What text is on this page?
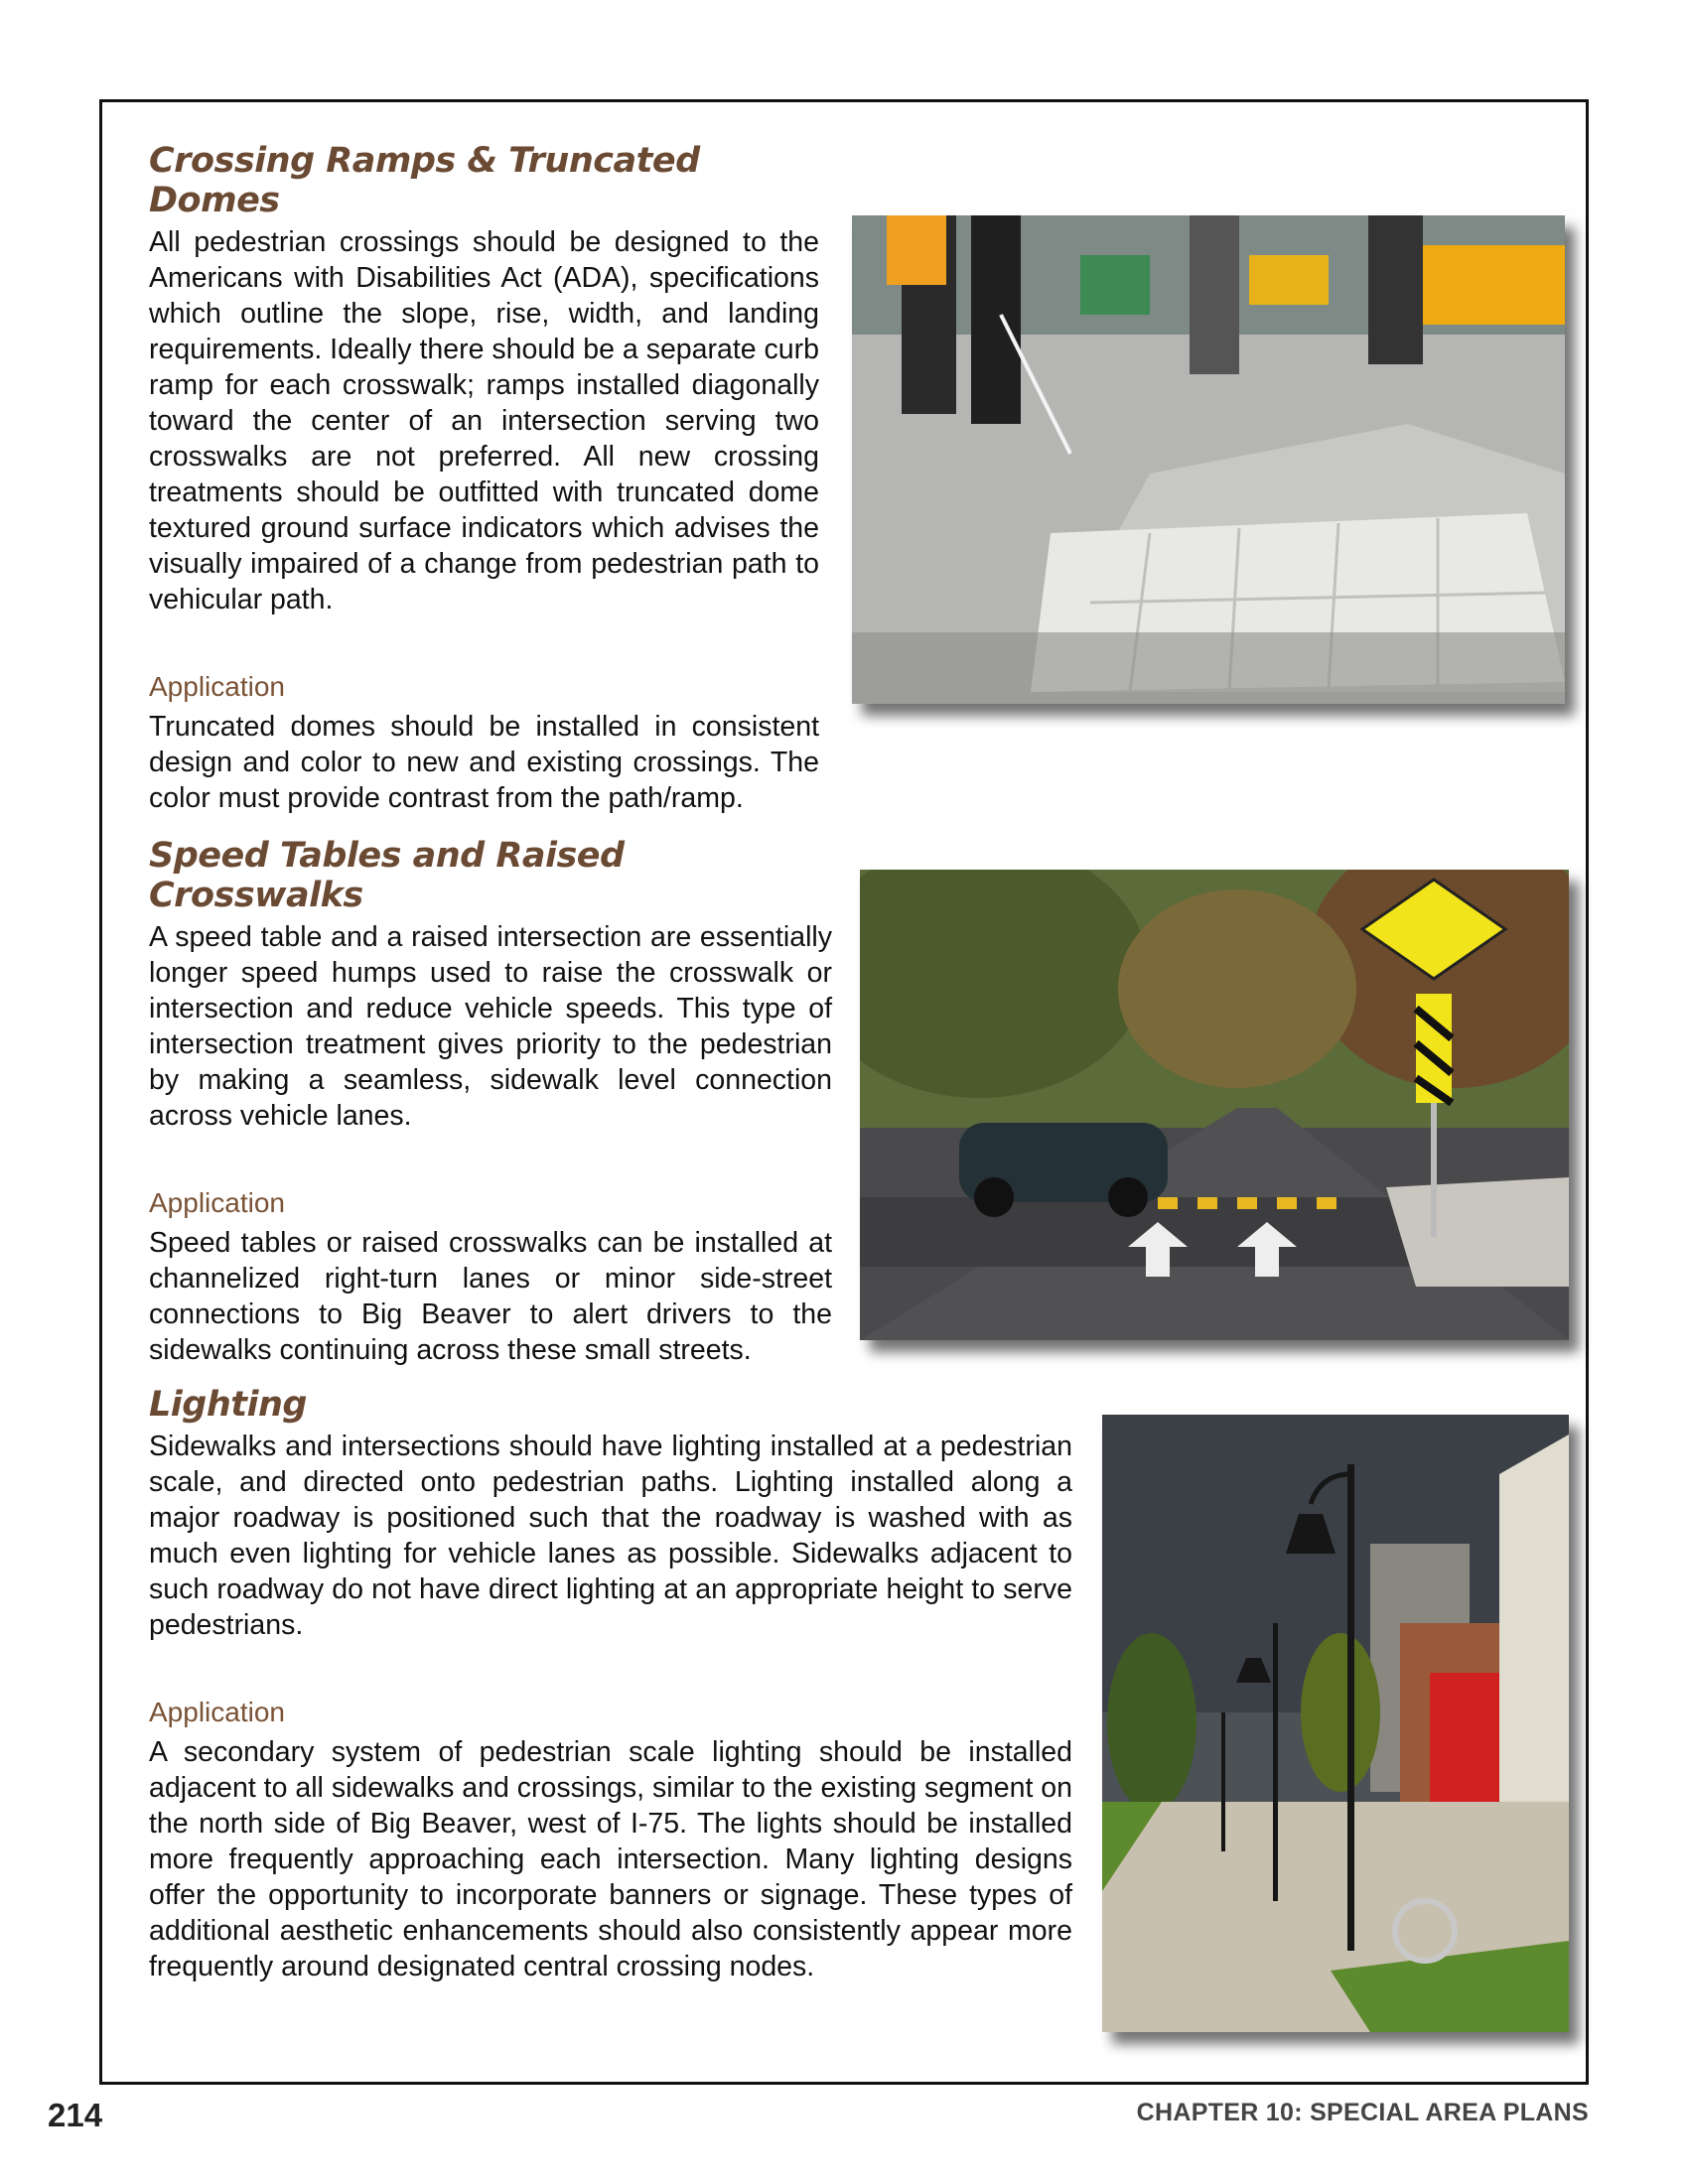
Crossing Ramps & Truncated Domes

All pedestrian crossings should be designed to the Americans with Disabilities Act (ADA), specifications which outline the slope, rise, width, and landing requirements. Ideally there should be a separate curb ramp for each crosswalk; ramps installed diagonally toward the center of an intersection serving two crosswalks are not preferred. All new crossing treatments should be outfitted with truncated dome textured ground surface indicators which advises the visually impaired of a change from pedestrian path to vehicular path.

Application

Truncated domes should be installed in consistent design and color to new and existing crossings. The color must provide contrast from the path/ramp.

Speed Tables and Raised Crosswalks

A speed table and a raised intersection are essentially longer speed humps used to raise the crosswalk or intersection and reduce vehicle speeds. This type of intersection treatment gives priority to the pedestrian by making a seamless, sidewalk level connection across vehicle lanes.

Application

Speed tables or raised crosswalks can be installed at channelized right-turn lanes or minor side-street connections to Big Beaver to alert drivers to the sidewalks continuing across these small streets.

Lighting

Sidewalks and intersections should have lighting installed at a pedestrian scale, and directed onto pedestrian paths. Lighting installed along a major roadway is positioned such that the roadway is washed with as much even lighting for vehicle lanes as possible. Sidewalks adjacent to such roadway do not have direct lighting at an appropriate height to serve pedestrians.

Application

A secondary system of pedestrian scale lighting should be installed adjacent to all sidewalks and crossings, similar to the existing segment on the north side of Big Beaver, west of I-75. The lights should be installed more frequently approaching each intersection. Many lighting designs offer the opportunity to incorporate banners or signage. These types of additional aesthetic enhancements should also consistently appear more frequently around designated central crossing nodes.

214	CHAPTER 10: SPECIAL AREA PLANS
